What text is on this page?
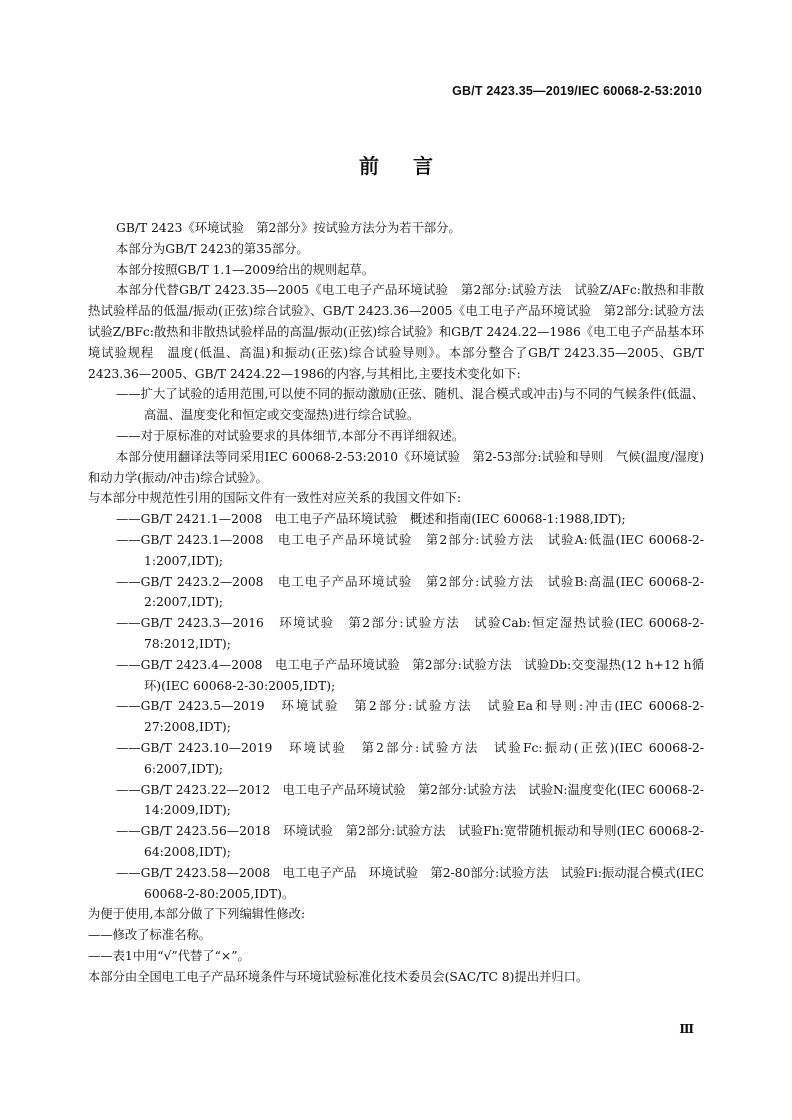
GB/T 2423.35—2019/IEC 60068-2-53:2010
前言

GB/T 2423《环境试验　第2部分》按试验方法分为若干部分。

本部分为GB/T 2423的第35部分。

本部分按照GB/T 1.1—2009给出的规则起草。

本部分代替GB/T 2423.35—2005《电工电子产品环境试验　第2部分:试验方法　试验Z/AFc:散热和非散热试验样品的低温/振动(正弦)综合试验》、GB/T 2423.36—2005《电工电子产品环境试验　第2部分:试验方法　试验Z/BFc:散热和非散热试验样品的高温/振动(正弦)综合试验》和GB/T 2424.22—1986《电工电子产品基本环境试验规程　温度(低温、高温)和振动(正弦)综合试验导则》。本部分整合了GB/T 2423.35—2005、GB/T 2423.36—2005、GB/T 2424.22—1986的内容,与其相比,主要技术变化如下:

——扩大了试验的适用范围,可以使不同的振动激励(正弦、随机、混合模式或冲击)与不同的气候条件(低温、高温、温度变化和恒定或交变湿热)进行综合试验。

——对于原标准的对试验要求的具体细节,本部分不再详细叙述。

本部分使用翻译法等同采用IEC 60068-2-53:2010《环境试验　第2-53部分:试验和导则　气候(温度/湿度)和动力学(振动/冲击)综合试验》。

与本部分中规范性引用的国际文件有一致性对应关系的我国文件如下:

——GB/T 2421.1—2008　电工电子产品环境试验　概述和指南(IEC 60068-1:1988,IDT);

——GB/T 2423.1—2008　电工电子产品环境试验　第2部分:试验方法　试验A:低温(IEC 60068-2-1:2007,IDT);

——GB/T 2423.2—2008　电工电子产品环境试验　第2部分:试验方法　试验B:高温(IEC 60068-2-2:2007,IDT);

——GB/T 2423.3—2016　环境试验　第2部分:试验方法　试验Cab:恒定湿热试验(IEC 60068-2-78:2012,IDT);

——GB/T 2423.4—2008　电工电子产品环境试验　第2部分:试验方法　试验Db:交变湿热(12 h+12 h循环)(IEC 60068-2-30:2005,IDT);

——GB/T 2423.5—2019　环境试验　第2部分:试验方法　试验Ea和导则:冲击(IEC 60068-2-27:2008,IDT);

——GB/T 2423.10—2019　环境试验　第2部分:试验方法　试验Fc:振动(正弦)(IEC 60068-2-6:2007,IDT);

——GB/T 2423.22—2012　电工电子产品环境试验　第2部分:试验方法　试验N:温度变化(IEC 60068-2-14:2009,IDT);

——GB/T 2423.56—2018　环境试验　第2部分:试验方法　试验Fh:宽带随机振动和导则(IEC 60068-2-64:2008,IDT);

——GB/T 2423.58—2008　电工电子产品　环境试验　第2-80部分:试验方法　试验Fi:振动混合模式(IEC 60068-2-80:2005,IDT)。

为便于使用,本部分做了下列编辑性修改:

——修改了标准名称。

——表1中用“√”代替了“×”。

本部分由全国电工电子产品环境条件与环境试验标准化技术委员会(SAC/TC 8)提出并归口。

Ⅲ
